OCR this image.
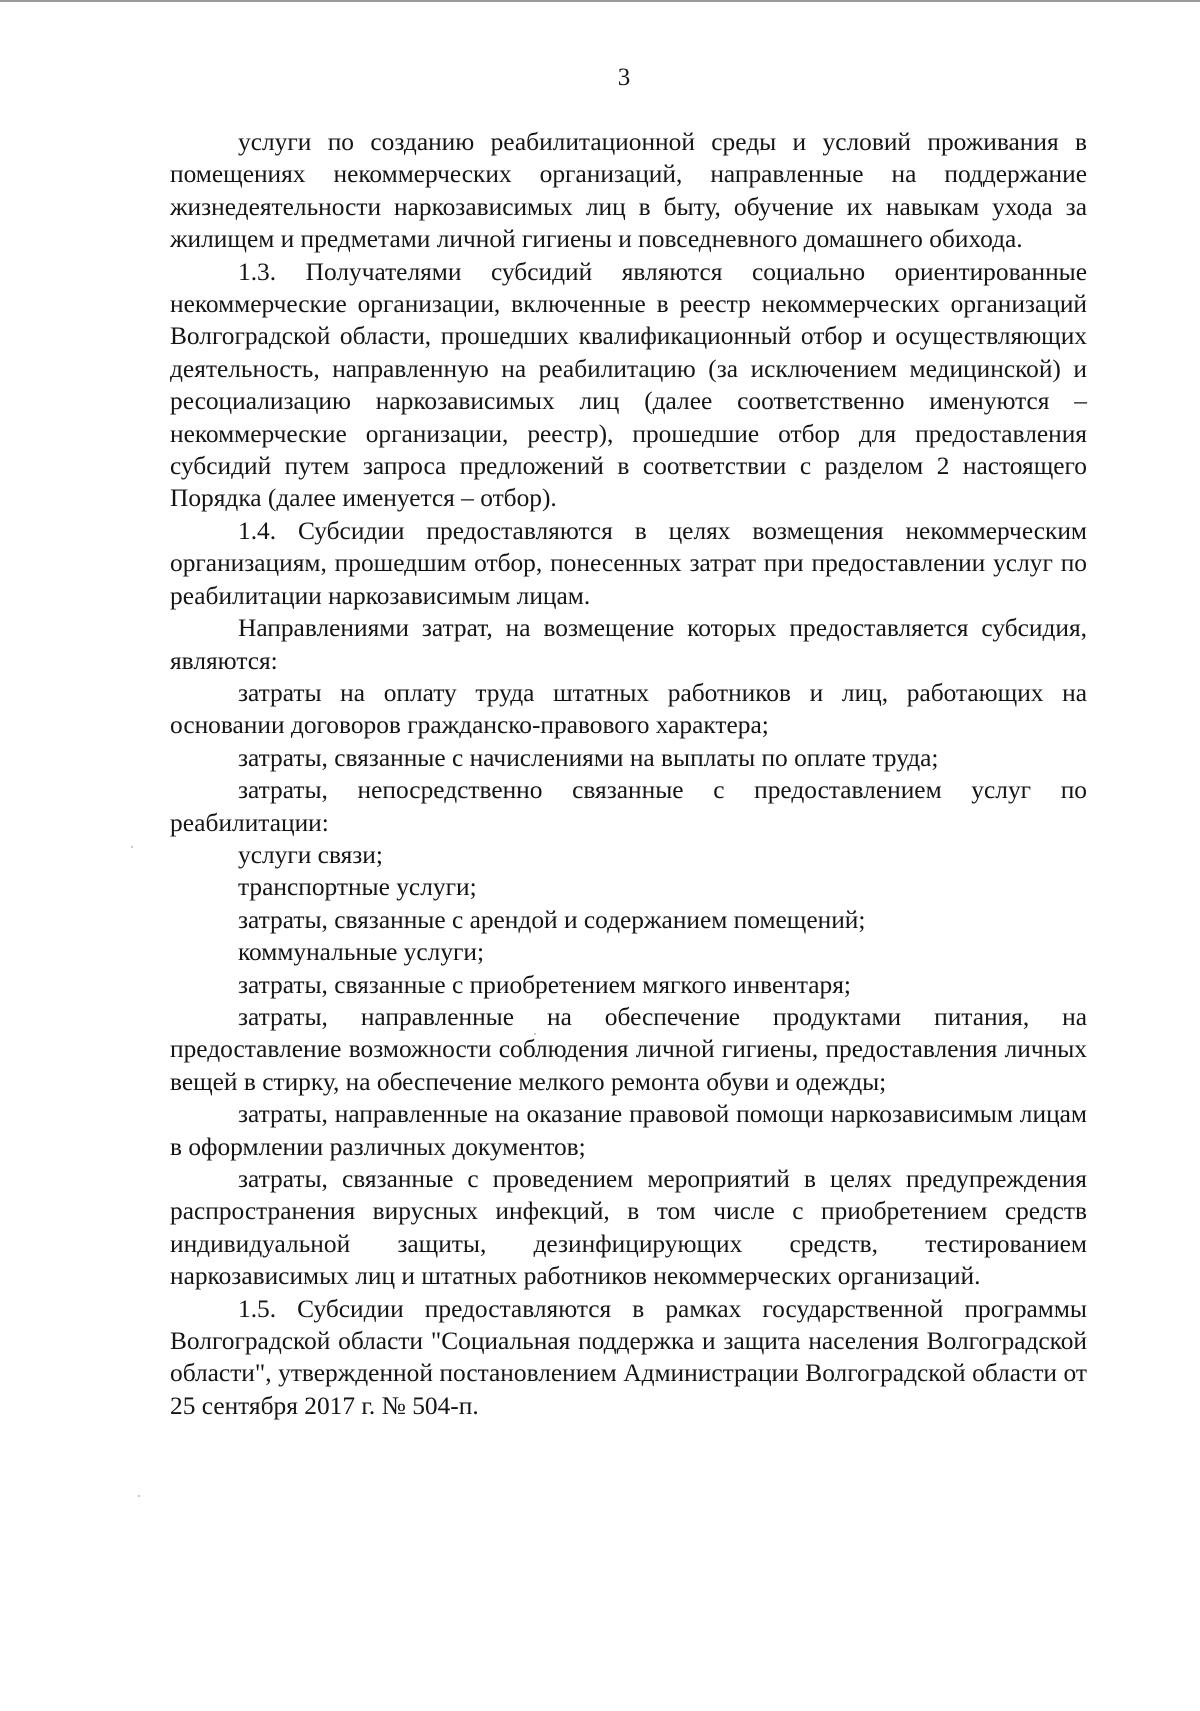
3

услуги по созданию реабилитационной среды и условий проживания в помещениях некоммерческих организаций, направленные на поддержание жизнедеятельности наркозависимых лиц в быту, обучение их навыкам ухода за жилищем и предметами личной гигиены и повседневного домашнего обихода.

1.3. Получателями субсидий являются социально ориентированные некоммерческие организации, включенные в реестр некоммерческих организаций Волгоградской области, прошедших квалификационный отбор и осуществляющих деятельность, направленную на реабилитацию (за исключением медицинской) и ресоциализацию наркозависимых лиц (далее соответственно именуются – некоммерческие организации, реестр), прошедшие отбор для предоставления субсидий путем запроса предложений в соответствии с разделом 2 настоящего Порядка (далее именуется – отбор).

1.4. Субсидии предоставляются в целях возмещения некоммерческим организациям, прошедшим отбор, понесенных затрат при предоставлении услуг по реабилитации наркозависимым лицам.

Направлениями затрат, на возмещение которых предоставляется субсидия, являются:

затраты на оплату труда штатных работников и лиц, работающих на основании договоров гражданско-правового характера;

затраты, связанные с начислениями на выплаты по оплате труда;

затраты, непосредственно связанные с предоставлением услуг по реабилитации:

услуги связи;

транспортные услуги;

затраты, связанные с арендой и содержанием помещений;

коммунальные услуги;

затраты, связанные с приобретением мягкого инвентаря;

затраты, направленные на обеспечение продуктами питания, на предоставление возможности соблюдения личной гигиены, предоставления личных вещей в стирку, на обеспечение мелкого ремонта обуви и одежды;

затраты, направленные на оказание правовой помощи наркозависимым лицам в оформлении различных документов;

затраты, связанные с проведением мероприятий в целях предупреждения распространения вирусных инфекций, в том числе с приобретением средств индивидуальной защиты, дезинфицирующих средств, тестированием наркозависимых лиц и штатных работников некоммерческих организаций.

1.5. Субсидии предоставляются в рамках государственной программы Волгоградской области "Социальная поддержка и защита населения Волгоградской области", утвержденной постановлением Администрации Волгоградской области от 25 сентября 2017 г. № 504-п.
